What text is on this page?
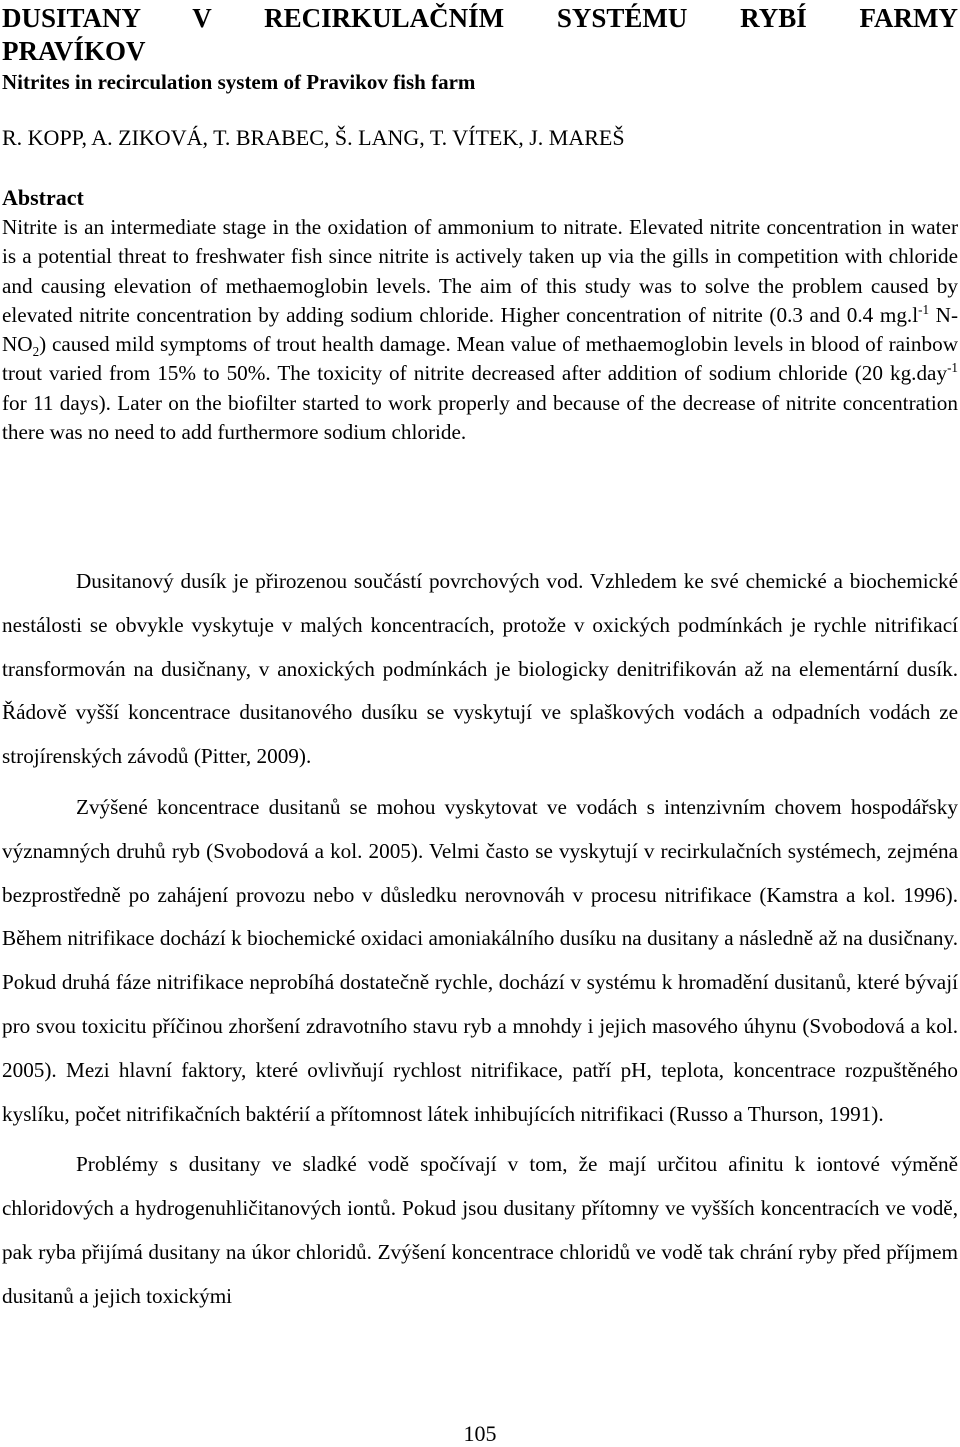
DUSITANY V RECIRKULAČNÍM SYSTÉMU RYBÍ FARMY
PRAVÍKOV

Nitrites in recirculation system of Pravikov fish farm

R. KOPP, A. ZIKOVÁ, T. BRABEC, Š. LANG, T. VÍTEK, J. MAREŠ

Abstract

Nitrite is an intermediate stage in the oxidation of ammonium to nitrate. Elevated nitrite concentration in water is a potential threat to freshwater fish since nitrite is actively taken up via the gills in competition with chloride and causing elevation of methaemoglobin levels. The aim of this study was to solve the problem caused by elevated nitrite concentration by adding sodium chloride. Higher concentration of nitrite (0.3 and 0.4 $mg.l^{-1}$ $N-NO_2$) caused mild symptoms of trout health damage. Mean value of methaemoglobin levels in blood of rainbow trout varied from 15% to 50%. The toxicity of nitrite decreased after addition of sodium chloride (20 kg.day$^{-1}$ for 11 days). Later on the biofilter started to work properly and because of the decrease of nitrite concentration there was no need to add furthermore sodium chloride.

Dusitanový dusík je přirozenou součástí povrchových vod. Vzhledem ke své chemické a biochemické nestálosti se obvykle vyskytuje v malých koncentracích, protože v oxických podmínkách je rychle nitrifikací transformován na dusičnany, v anoxických podmínkách je biologicky denitrifikován až na elementární dusík. Řádově vyšší koncentrace dusitanového dusíku se vyskytují ve splaškových vodách a odpadních vodách ze strojírenských závodů (Pitter, 2009).

Zvýšené koncentrace dusitanů se mohou vyskytovat ve vodách s intenzivním chovem hospodářsky významných druhů ryb (Svobodová a kol. 2005). Velmi často se vyskytují v recirkulačních systémech, zejména bezprostředně po zahájení provozu nebo v důsledku nerovnováh v procesu nitrifikace (Kamstra a kol. 1996). Během nitrifikace dochází k biochemické oxidaci amoniakálního dusíku na dusitany a následně až na dusičnany. Pokud druhá fáze nitrifikace neprobíhá dostatečně rychle, dochází v systému k hromadění dusitanů, které bývají pro svou toxicitu příčinou zhoršení zdravotního stavu ryb a mnohdy i jejich masového úhynu (Svobodová a kol. 2005). Mezi hlavní faktory, které ovlivňují rychlost nitrifikace, patří pH, teplota, koncentrace rozpuštěného kyslíku, počet nitrifikačních baktérií a přítomnost látek inhibujících nitrifikaci (Russo a Thurson, 1991).

Problémy s dusitany ve sladké vodě spočívají v tom, že mají určitou afinitu k iontové výměně chloridových a hydrogenuhličitanových iontů. Pokud jsou dusitany přítomny ve vyšších koncentracích ve vodě, pak ryba přijímá dusitany na úkor chloridů. Zvýšení koncentrace chloridů ve vodě tak chrání ryby před příjmem dusitanů a jejich toxickými

105
